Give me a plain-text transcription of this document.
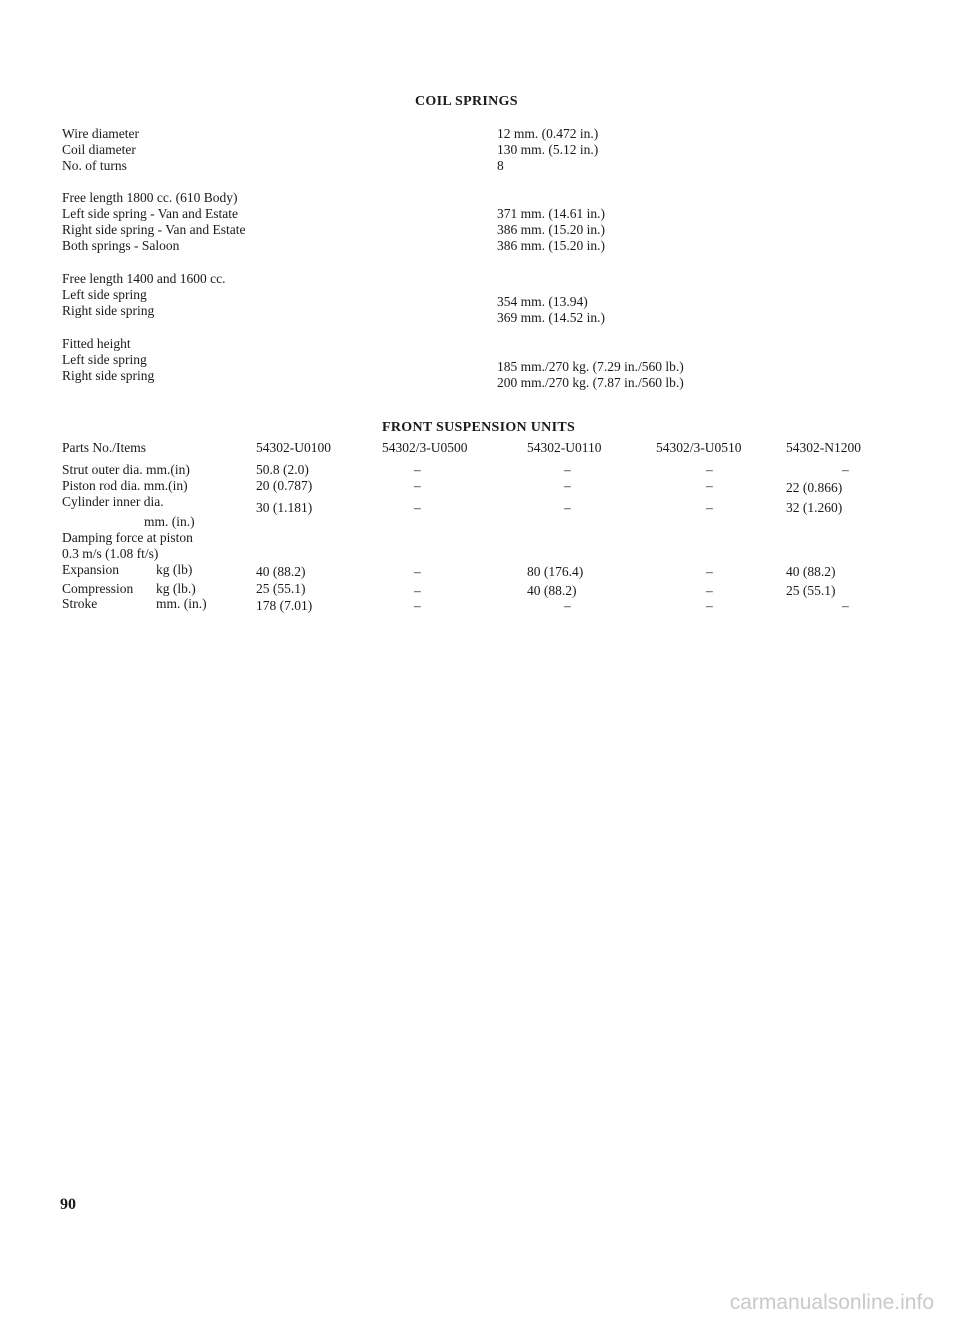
COIL SPRINGS
Wire diameter	12 mm. (0.472 in.)
Coil diameter	130 mm. (5.12 in.)
No. of turns	8
Free length 1800 cc. (610 Body)
Left side spring - Van and Estate	371 mm. (14.61 in.)
Right side spring - Van and Estate	386 mm. (15.20 in.)
Both springs - Saloon	386 mm. (15.20 in.)
Free length 1400 and 1600 cc.
Left side spring	354 mm. (13.94)
Right side spring	369 mm. (14.52 in.)
Fitted height
Left side spring	185 mm./270 kg. (7.29 in./560 lb.)
Right side spring	200 mm./270 kg. (7.87 in./560 lb.)
FRONT SUSPENSION UNITS
Parts No./Items	54302-U0100	54302/3-U0500	54302-U0110	54302/3-U0510	54302-N1200
Strut outer dia. mm.(in)	50.8 (2.0)	–	–	–	–
Piston rod dia. mm.(in)	20 (0.787)	–	–	–	22 (0.866)
Cylinder inner dia.	30 (1.181)	–	–	–	32 (1.260)
mm. (in.)
Damping force at piston
0.3 m/s (1.08 ft/s)
Expansion	kg (lb)	40 (88.2)	–	80 (176.4)	–	40 (88.2)
Compression kg (lb.)	25 (55.1)	–	40 (88.2)	–	25 (55.1)
Stroke	mm. (in.)	178 (7.01)	–	–	–	–
90
carmanualsonline.info
